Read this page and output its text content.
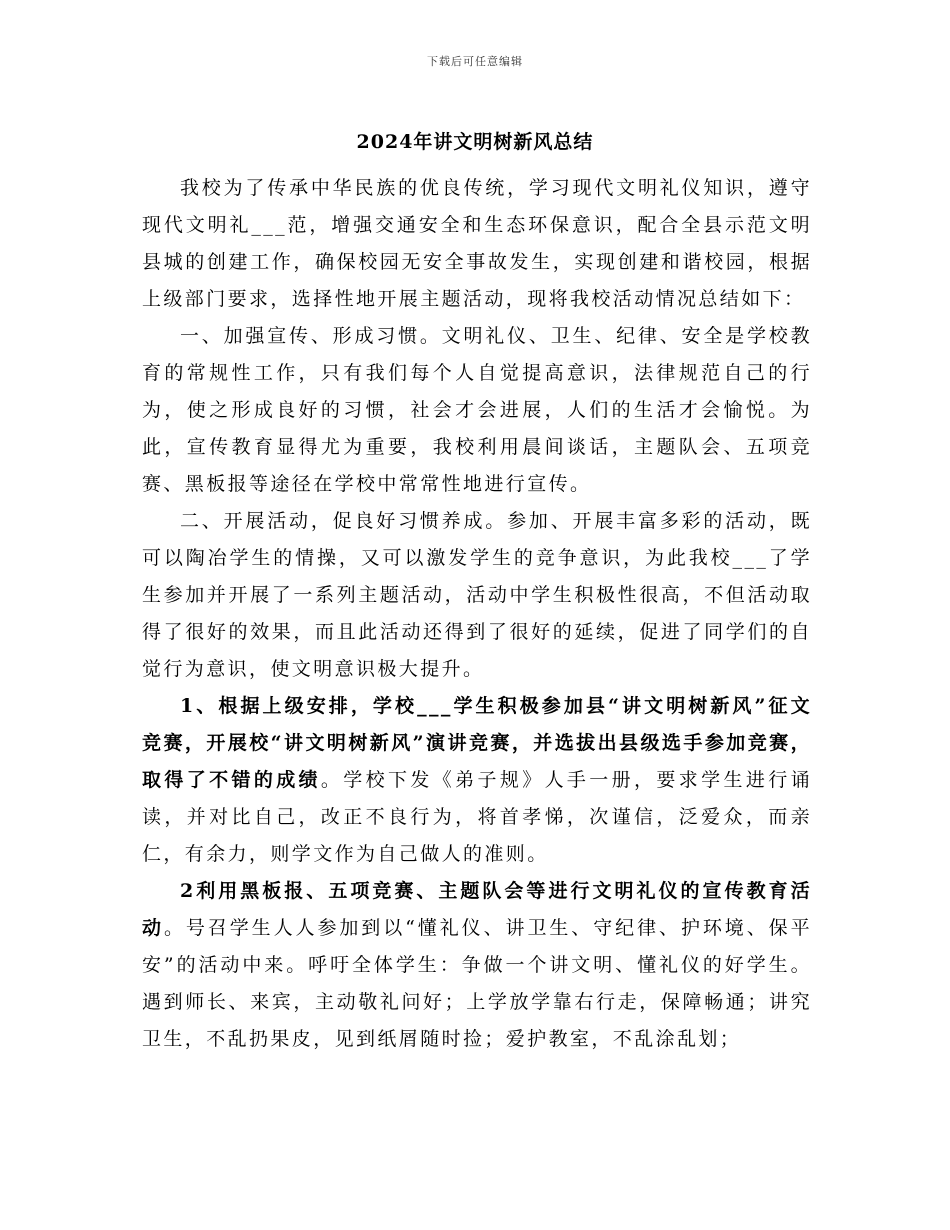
下载后可任意编辑
2024年讲文明树新风总结

我校为了传承中华民族的优良传统，学习现代文明礼仪知识，遵守现代文明礼___范，增强交通安全和生态环保意识，配合全县示范文明县城的创建工作，确保校园无安全事故发生，实现创建和谐校园，根据上级部门要求，选择性地开展主题活动，现将我校活动情况总结如下：

一、加强宣传、形成习惯。文明礼仪、卫生、纪律、安全是学校教育的常规性工作，只有我们每个人自觉提高意识，法律规范自己的行为，使之形成良好的习惯，社会才会进展，人们的生活才会愉悦。为此，宣传教育显得尤为重要，我校利用晨间谈话，主题队会、五项竞赛、黑板报等途径在学校中常常性地进行宣传。

二、开展活动，促良好习惯养成。参加、开展丰富多彩的活动，既可以陶冶学生的情操，又可以激发学生的竞争意识，为此我校___了学生参加并开展了一系列主题活动，活动中学生积极性很高，不但活动取得了很好的效果，而且此活动还得到了很好的延续，促进了同学们的自觉行为意识，使文明意识极大提升。

1、根据上级安排，学校___学生积极参加县“讲文明树新风”征文竞赛，开展校“讲文明树新风”演讲竞赛，并选拔出县级选手参加竞赛，取得了不错的成绩。学校下发《弟子规》人手一册，要求学生进行诵读，并对比自己，改正不良行为，将首孝悌，次谨信，泛爱众，而亲仁，有余力，则学文作为自己做人的准则。

2利用黑板报、五项竞赛、主题队会等进行文明礼仪的宣传教育活动。号召学生人人参加到以“懂礼仪、讲卫生、守纪律、护环境、保平安”的活动中来。呼吁全体学生：争做一个讲文明、懂礼仪的好学生。遇到师长、来宾，主动敬礼问好；上学放学靠右行走，保障畅通；讲究卫生，不乱扔果皮，见到纸屑随时捡；爱护教室，不乱涂乱划；
